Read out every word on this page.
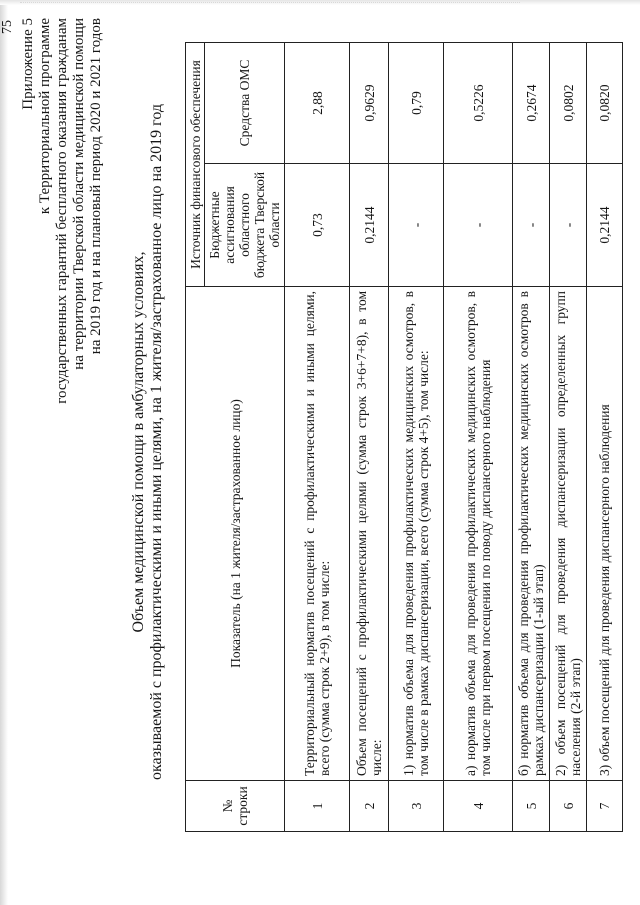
75 Приложение 5 к Территориальной программе государственных гарантий бесплатного оказания гражданам на территории Тверской области медицинской помощи на 2019 год и на плановый период 2020 и 2021 годов
Объем медицинской помощи в амбулаторных условиях, оказываемой с профилактическими и иными целями, на 1 жителя/застрахованное лицо на 2019 год
№ строки	Показатель (на 1 жителя/застрахованное лицо)	Источник финансового обеспечения	
		Бюджетные ассигнования областного бюджета Тверской области	Средства ОМС
1	Территориальный норматив посещений с профилактическими и иными целями, всего (сумма строк 2+9), в том числе:	0,73	2,88
2	Объем посещений с профилактическими целями (сумма строк 3+6+7+8), в том числе:	0,2144	0,9629
3	1) норматив объема для проведения профилактических медицинских осмотров, в том числе в рамках диспансеризации, всего (сумма строк 4+5), том числе:	-	0,79
4	а) норматив объема для проведения профилактических медицинских осмотров, в том числе при первом посещении по поводу диспансерного наблюдения	-	0,5226
5	б) норматив объема для проведения профилактических медицинских осмотров в рамках диспансеризации (1-ый этап)	-	0,2674
6	2) объем посещений для проведения диспансеризации определенных групп населения (2-й этап)	-	0,0802
7	3) объем посещений для проведения диспансерного наблюдения	0,2144	0,0820
